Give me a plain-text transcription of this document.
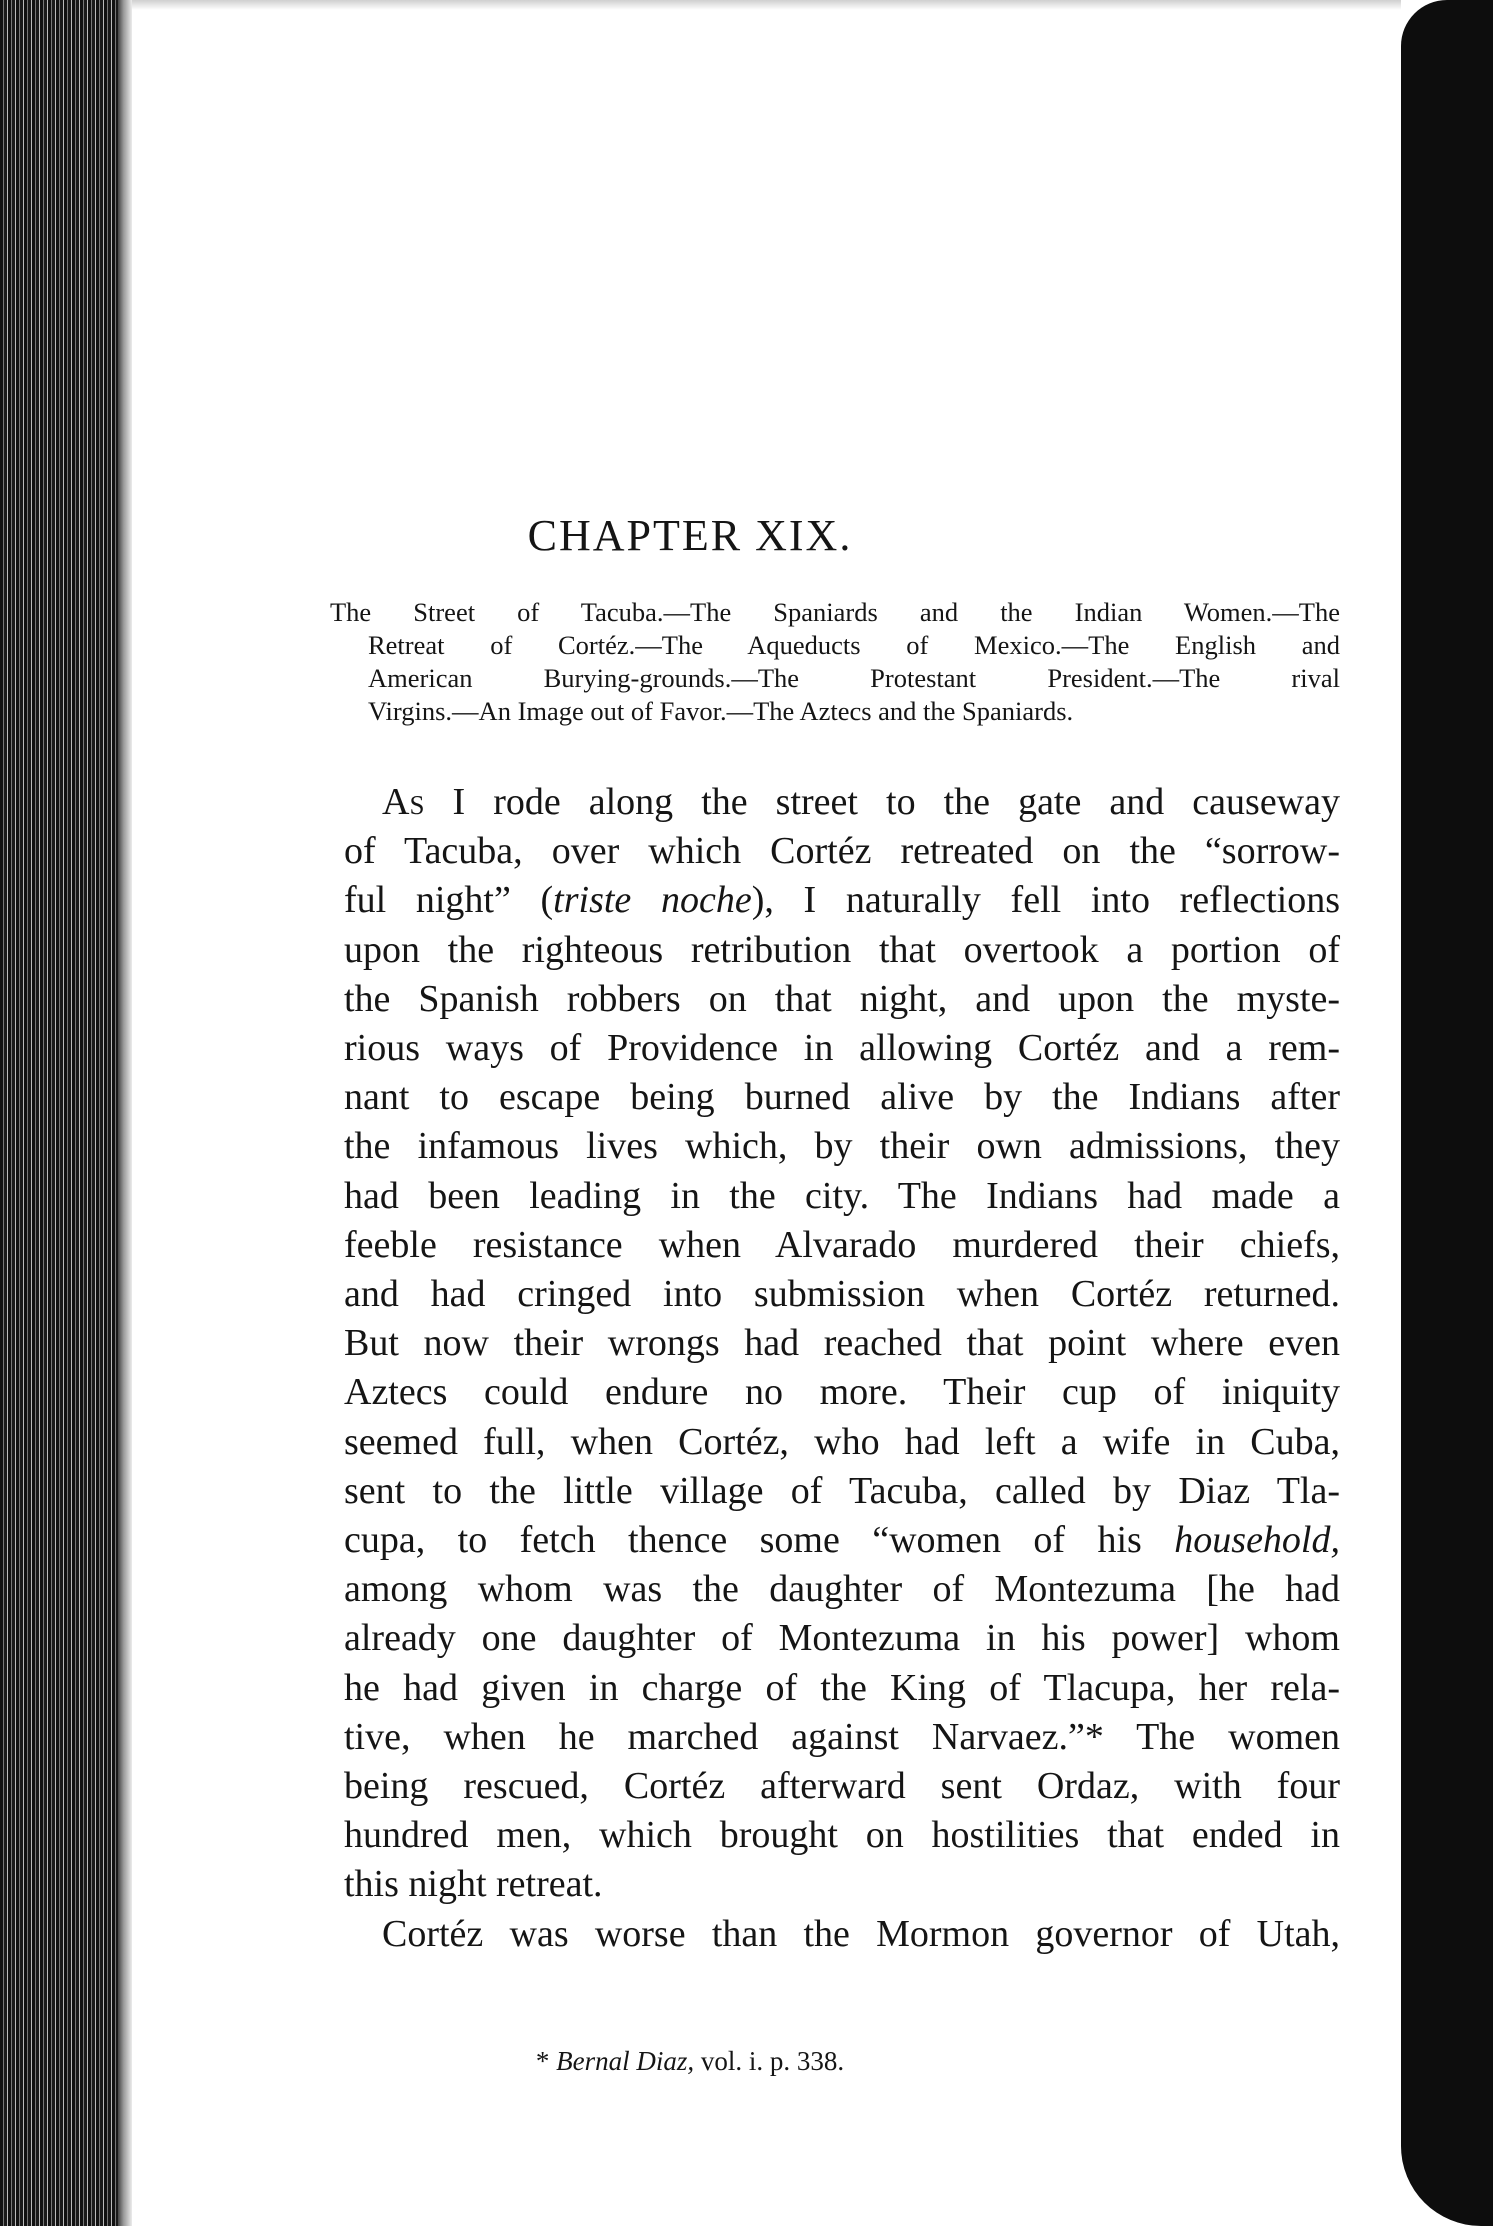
CHAPTER XIX.
The Street of Tacuba.—The Spaniards and the Indian Women.—The
Retreat of Cortéz.—The Aqueducts of Mexico.—The English and
American Burying-grounds.—The Protestant President.—The rival
Virgins.—An Image out of Favor.—The Aztecs and the Spaniards.
As I rode along the street to the gate and causeway
of Tacuba, over which Cortéz retreated on the “sorrow-
ful night” (triste noche), I naturally fell into reflections
upon the righteous retribution that overtook a portion of
the Spanish robbers on that night, and upon the myste-
rious ways of Providence in allowing Cortéz and a rem-
nant to escape being burned alive by the Indians after
the infamous lives which, by their own admissions, they
had been leading in the city. The Indians had made a
feeble resistance when Alvarado murdered their chiefs,
and had cringed into submission when Cortéz returned.
But now their wrongs had reached that point where even
Aztecs could endure no more. Their cup of iniquity
seemed full, when Cortéz, who had left a wife in Cuba,
sent to the little village of Tacuba, called by Diaz Tla-
cupa, to fetch thence some “women of his household,
among whom was the daughter of Montezuma [he had
already one daughter of Montezuma in his power] whom
he had given in charge of the King of Tlacupa, her rela-
tive, when he marched against Narvaez.”* The women
being rescued, Cortéz afterward sent Ordaz, with four
hundred men, which brought on hostilities that ended in
this night retreat.
Cortéz was worse than the Mormon governor of Utah,
* Bernal Diaz, vol. i. p. 338.
